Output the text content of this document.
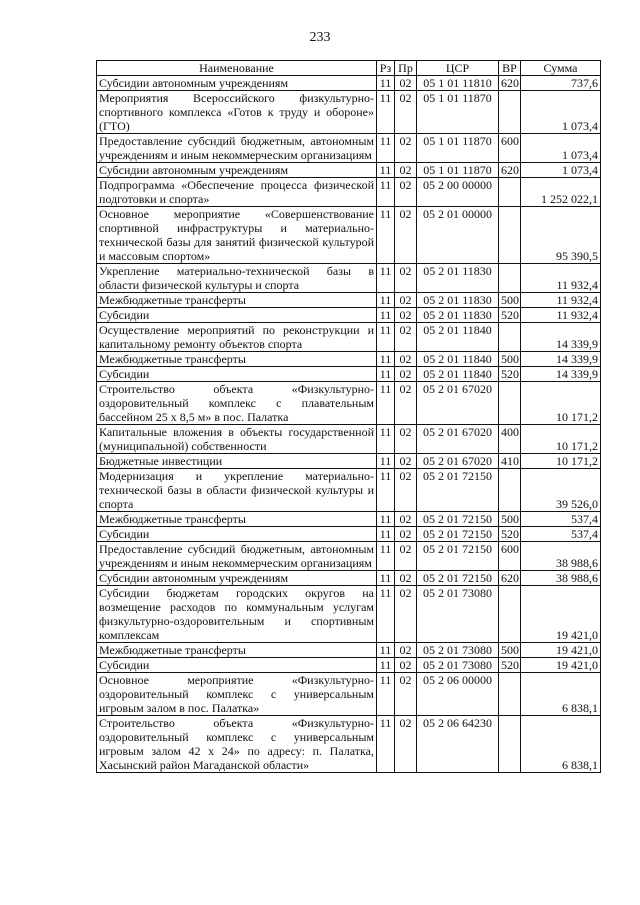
233
Наименование	Рз	Пр	ЦСР	ВР	Сумма
Субсидии автономным учреждениям	11	02	05 1 01 11810	620	737,6
Мероприятия Всероссийского физкультурно-спортивного комплекса «Готов к труду и обороне» (ГТО)	11	02	05 1 01 11870		1 073,4
Предоставление субсидий бюджетным, автономным учреждениям и иным некоммерческим организациям	11	02	05 1 01 11870	600	1 073,4
Субсидии автономным учреждениям	11	02	05 1 01 11870	620	1 073,4
Подпрограмма «Обеспечение процесса физической подготовки и спорта»	11	02	05 2 00 00000		1 252 022,1
Основное мероприятие «Совершенствование спортивной инфраструктуры и материально-технической базы для занятий физической культурой и массовым спортом»	11	02	05 2 01 00000		95 390,5
Укрепление материально-технической базы в области физической культуры и спорта	11	02	05 2 01 11830		11 932,4
Межбюджетные трансферты	11	02	05 2 01 11830	500	11 932,4
Субсидии	11	02	05 2 01 11830	520	11 932,4
Осуществление мероприятий по реконструкции и капитальному ремонту объектов спорта	11	02	05 2 01 11840		14 339,9
Межбюджетные трансферты	11	02	05 2 01 11840	500	14 339,9
Субсидии	11	02	05 2 01 11840	520	14 339,9
Строительство объекта «Физкультурно-оздоровительный комплекс с плавательным бассейном 25 х 8,5 м» в пос. Палатка	11	02	05 2 01 67020		10 171,2
Капитальные вложения в объекты государственной (муниципальной) собственности	11	02	05 2 01 67020	400	10 171,2
Бюджетные инвестиции	11	02	05 2 01 67020	410	10 171,2
Модернизация и укрепление материально-технической базы в области физической культуры и спорта	11	02	05 2 01 72150		39 526,0
Межбюджетные трансферты	11	02	05 2 01 72150	500	537,4
Субсидии	11	02	05 2 01 72150	520	537,4
Предоставление субсидий бюджетным, автономным учреждениям и иным некоммерческим организациям	11	02	05 2 01 72150	600	38 988,6
Субсидии автономным учреждениям	11	02	05 2 01 72150	620	38 988,6
Субсидии бюджетам городских округов на возмещение расходов по коммунальным услугам физкультурно-оздоровительным и спортивным комплексам	11	02	05 2 01 73080		19 421,0
Межбюджетные трансферты	11	02	05 2 01 73080	500	19 421,0
Субсидии	11	02	05 2 01 73080	520	19 421,0
Основное мероприятие «Физкультурно-оздоровительный комплекс с универсальным игровым залом в пос. Палатка»	11	02	05 2 06 00000		6 838,1
Строительство объекта «Физкультурно-оздоровительный комплекс с универсальным игровым залом 42 х 24» по адресу: п. Палатка, Хасынский район Магаданской области»	11	02	05 2 06 64230		6 838,1
